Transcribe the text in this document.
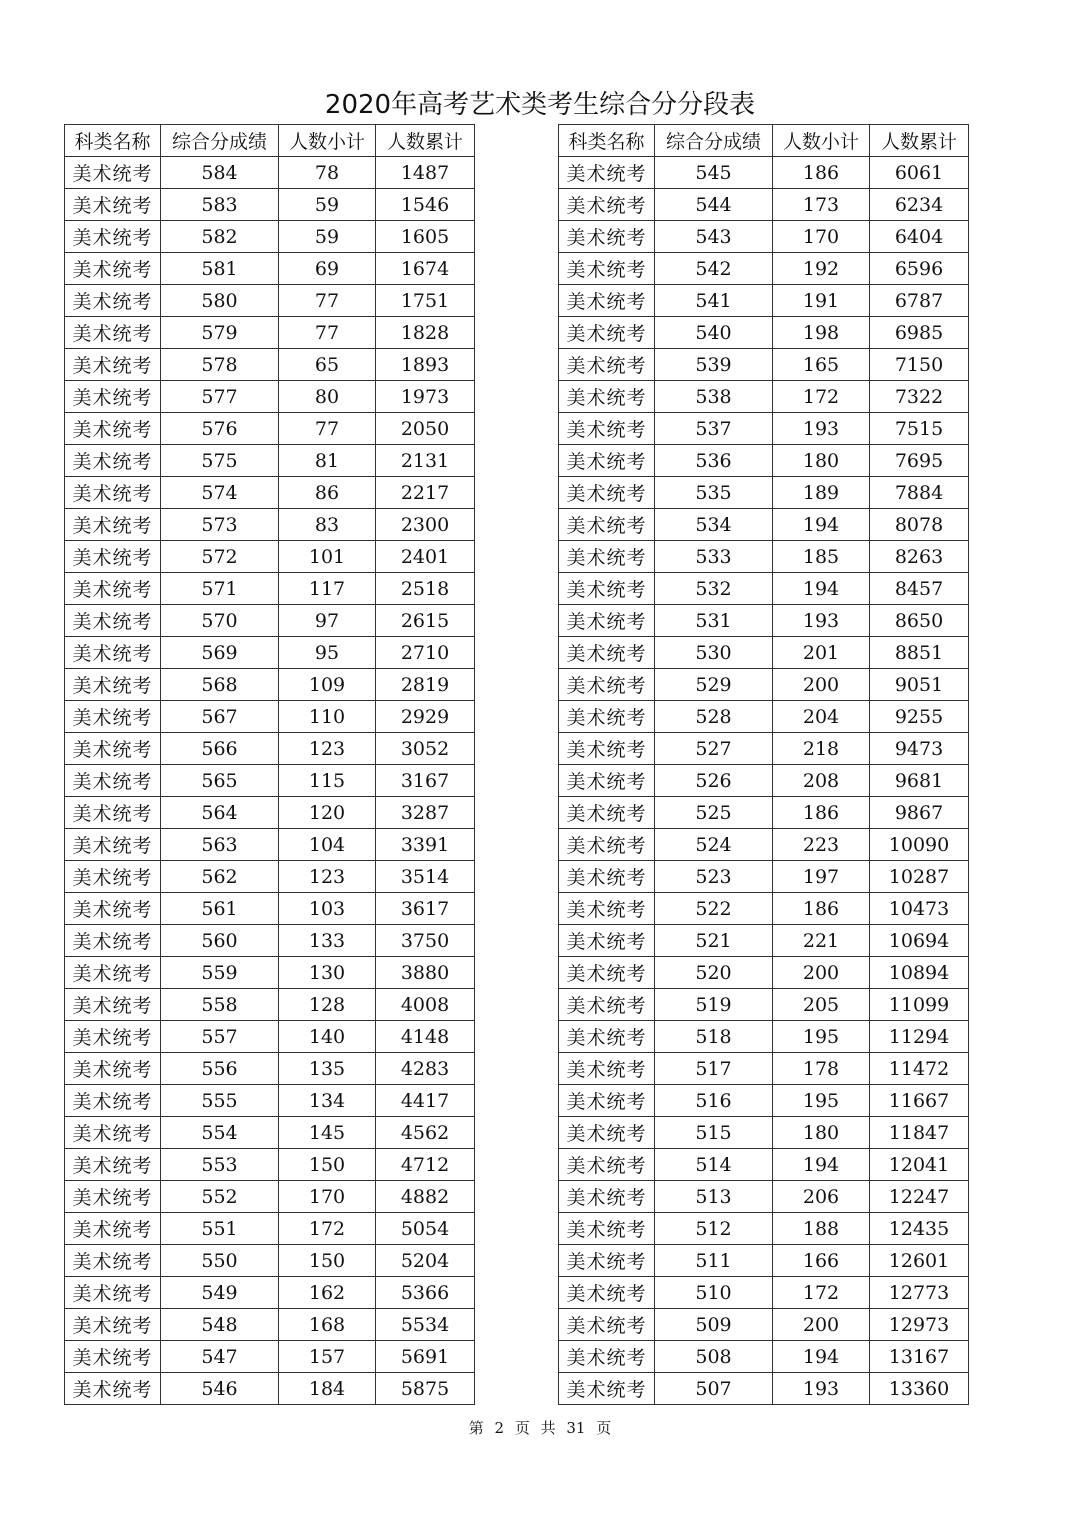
2020年高考艺术类考生综合分分段表
科类名称	综合分成绩	人数小计	人数累计
美术统考	584	78	1487
美术统考	583	59	1546
美术统考	582	59	1605
美术统考	581	69	1674
美术统考	580	77	1751
美术统考	579	77	1828
美术统考	578	65	1893
美术统考	577	80	1973
美术统考	576	77	2050
美术统考	575	81	2131
美术统考	574	86	2217
美术统考	573	83	2300
美术统考	572	101	2401
美术统考	571	117	2518
美术统考	570	97	2615
美术统考	569	95	2710
美术统考	568	109	2819
美术统考	567	110	2929
美术统考	566	123	3052
美术统考	565	115	3167
美术统考	564	120	3287
美术统考	563	104	3391
美术统考	562	123	3514
美术统考	561	103	3617
美术统考	560	133	3750
美术统考	559	130	3880
美术统考	558	128	4008
美术统考	557	140	4148
美术统考	556	135	4283
美术统考	555	134	4417
美术统考	554	145	4562
美术统考	553	150	4712
美术统考	552	170	4882
美术统考	551	172	5054
美术统考	550	150	5204
美术统考	549	162	5366
美术统考	548	168	5534
美术统考	547	157	5691
美术统考	546	184	5875
科类名称	综合分成绩	人数小计	人数累计
美术统考	545	186	6061
美术统考	544	173	6234
美术统考	543	170	6404
美术统考	542	192	6596
美术统考	541	191	6787
美术统考	540	198	6985
美术统考	539	165	7150
美术统考	538	172	7322
美术统考	537	193	7515
美术统考	536	180	7695
美术统考	535	189	7884
美术统考	534	194	8078
美术统考	533	185	8263
美术统考	532	194	8457
美术统考	531	193	8650
美术统考	530	201	8851
美术统考	529	200	9051
美术统考	528	204	9255
美术统考	527	218	9473
美术统考	526	208	9681
美术统考	525	186	9867
美术统考	524	223	10090
美术统考	523	197	10287
美术统考	522	186	10473
美术统考	521	221	10694
美术统考	520	200	10894
美术统考	519	205	11099
美术统考	518	195	11294
美术统考	517	178	11472
美术统考	516	195	11667
美术统考	515	180	11847
美术统考	514	194	12041
美术统考	513	206	12247
美术统考	512	188	12435
美术统考	511	166	12601
美术统考	510	172	12773
美术统考	509	200	12973
美术统考	508	194	13167
美术统考	507	193	13360
第 2 页 共 31 页
